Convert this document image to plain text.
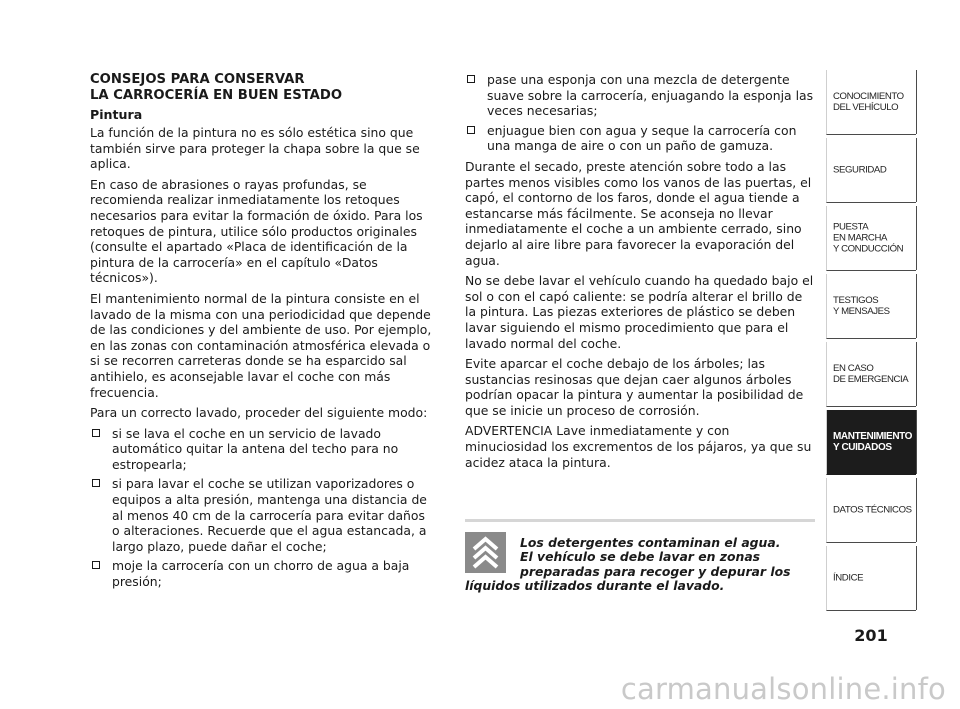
CONSEJOS PARA CONSERVAR
LA CARROCERÍA EN BUEN ESTADO
Pintura

La función de la pintura no es sólo estética sino que también sirve para proteger la chapa sobre la que se aplica.

En caso de abrasiones o rayas profundas, se recomienda realizar inmediatamente los retoques necesarios para evitar la formación de óxido. Para los retoques de pintura, utilice sólo productos originales (consulte el apartado «Placa de identificación de la pintura de la carrocería» en el capítulo «Datos técnicos»).

El mantenimiento normal de la pintura consiste en el lavado de la misma con una periodicidad que depende de las condiciones y del ambiente de uso. Por ejemplo, en las zonas con contaminación atmosférica elevada o si se recorren carreteras donde se ha esparcido sal antihielo, es aconsejable lavar el coche con más frecuencia.

Para un correcto lavado, proceder del siguiente modo:

si se lava el coche en un servicio de lavado automático quitar la antena del techo para no estropearla;
si para lavar el coche se utilizan vaporizadores o equipos a alta presión, mantenga una distancia de al menos 40 cm de la carrocería para evitar daños o alteraciones. Recuerde que el agua estancada, a largo plazo, puede dañar el coche;
moje la carrocería con un chorro de agua a baja presión;
pase una esponja con una mezcla de detergente suave sobre la carrocería, enjuagando la esponja las veces necesarias;
enjuague bien con agua y seque la carrocería con una manga de aire o con un paño de gamuza.

Durante el secado, preste atención sobre todo a las partes menos visibles como los vanos de las puertas, el capó, el contorno de los faros, donde el agua tiende a estancarse más fácilmente. Se aconseja no llevar inmediatamente el coche a un ambiente cerrado, sino dejarlo al aire libre para favorecer la evaporación del agua.

No se debe lavar el vehículo cuando ha quedado bajo el sol o con el capó caliente: se podría alterar el brillo de la pintura. Las piezas exteriores de plástico se deben lavar siguiendo el mismo procedimiento que para el lavado normal del coche.

Evite aparcar el coche debajo de los árboles; las sustancias resinosas que dejan caer algunos árboles podrían opacar la pintura y aumentar la posibilidad de que se inicie un proceso de corrosión.

ADVERTENCIA Lave inmediatamente y con minuciosidad los excrementos de los pájaros, ya que su acidez ataca la pintura.

Los detergentes contaminan el agua.
El vehículo se debe lavar en zonas
preparadas para recoger y depurar los
líquidos utilizados durante el lavado.
CONOCIMIENTO
DEL VEHÍCULO
SEGURIDAD
PUESTA
EN MARCHA
Y CONDUCCIÓN
TESTIGOS
Y MENSAJES
EN CASO
DE EMERGENCIA
MANTENIMIENTO
Y CUIDADOS
DATOS TÉCNICOS
ÍNDICE
201
carmanualsonline.info
